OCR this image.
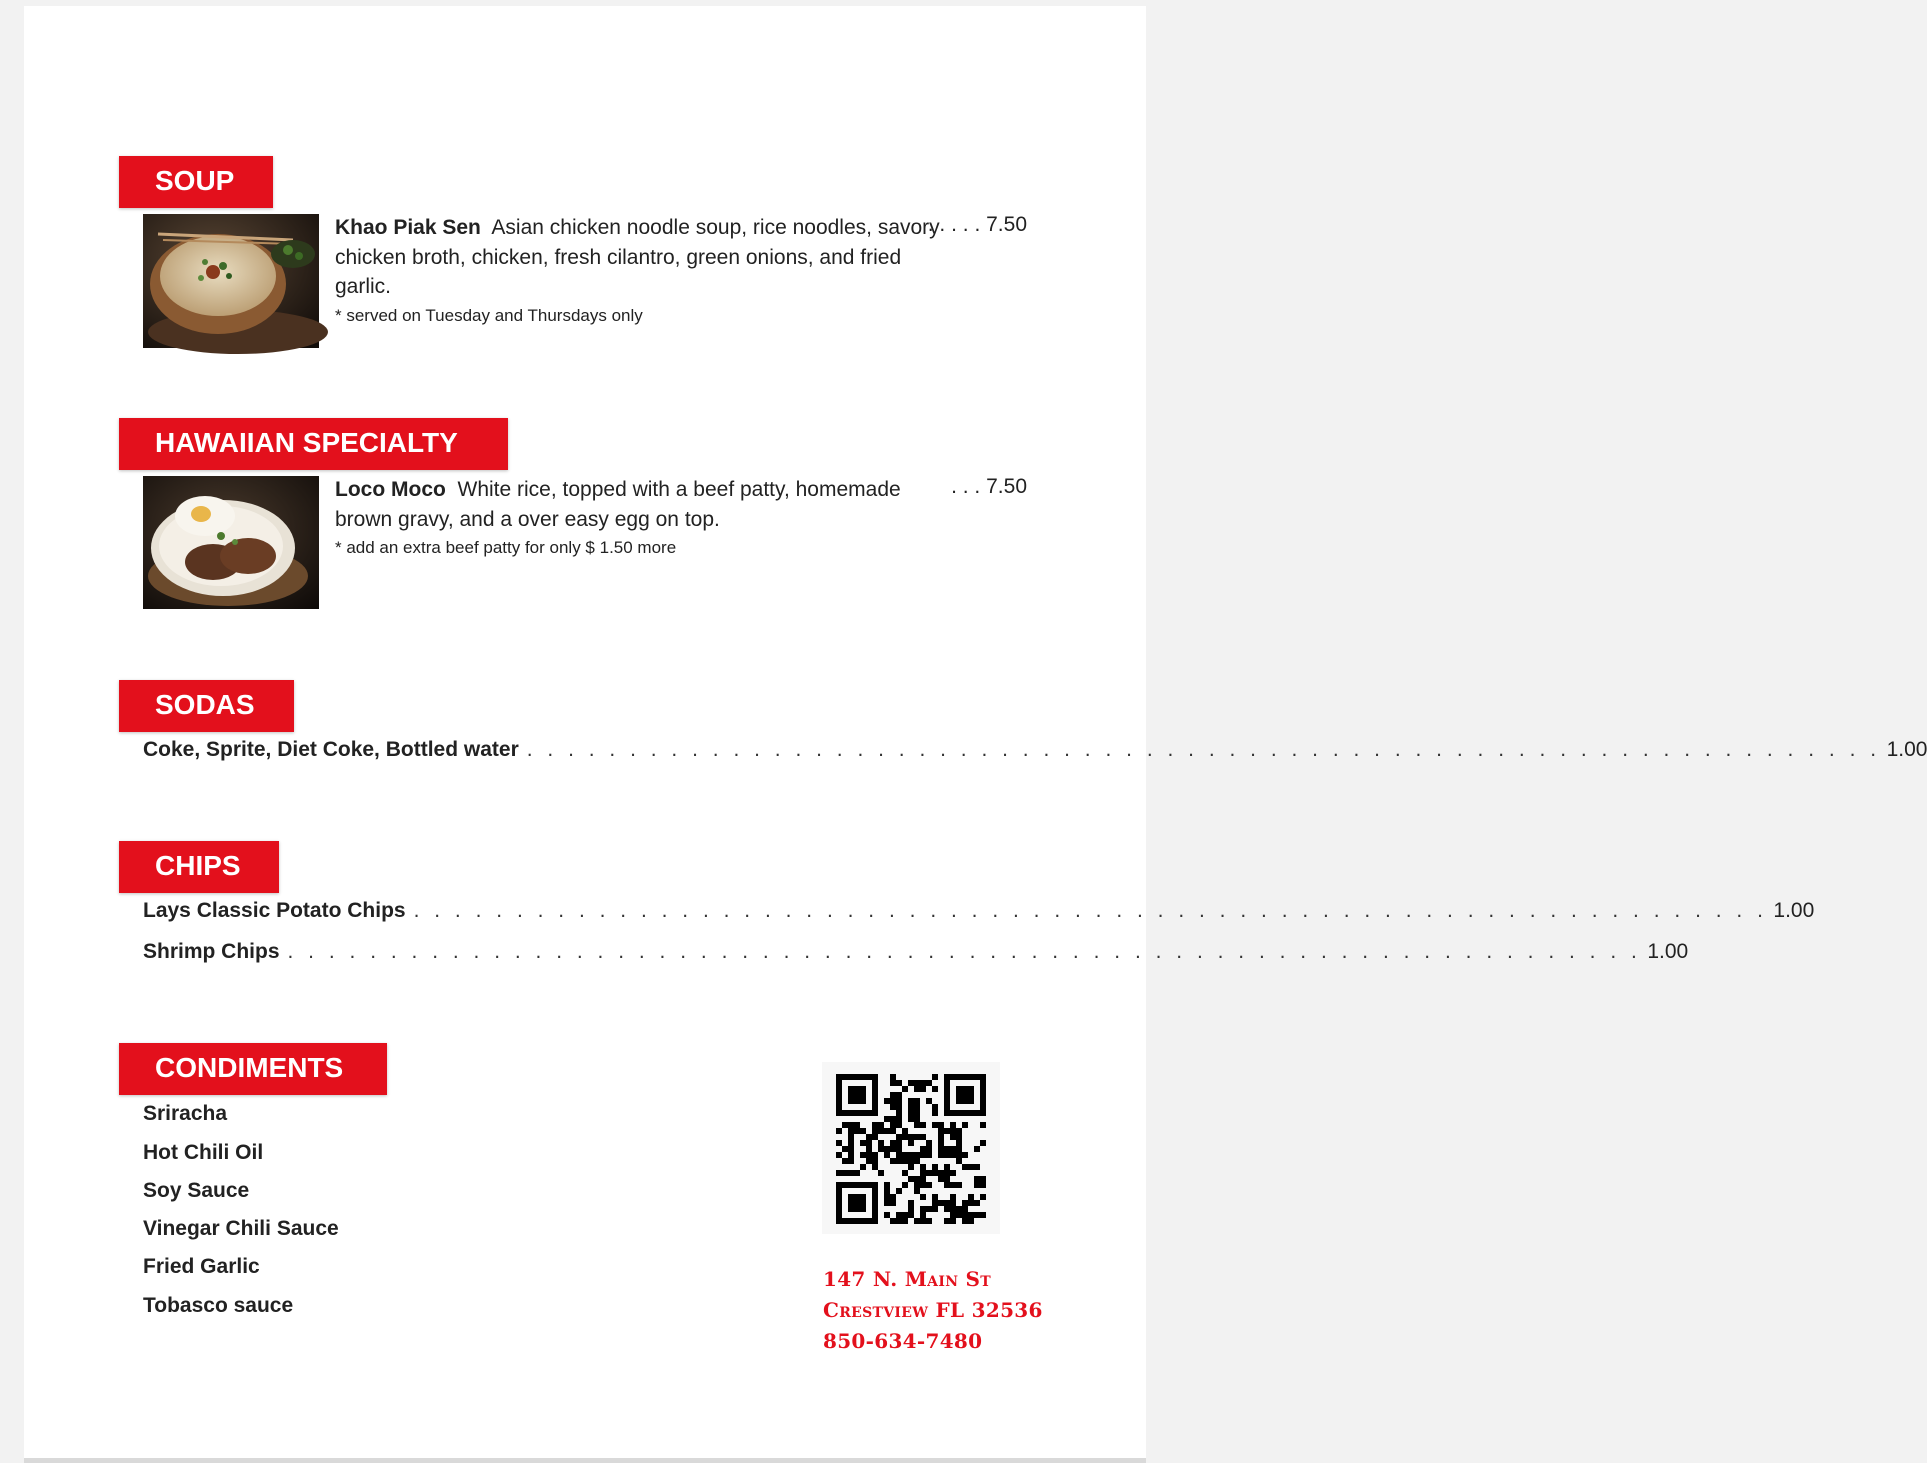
SOUP
Khao Piak Sen Asian chicken noodle soup, rice noodles, savory chicken broth, chicken, fresh cilantro, green onions, and fried garlic.
* served on Tuesday and Thursdays only
. . . . . 7.50
HAWAIIAN SPECIALTY
Loco Moco White rice, topped with a beef patty, homemade brown gravy, and a over easy egg on top.
* add an extra beef patty for only $ 1.50 more
. . . 7.50
SODAS
Coke, Sprite, Diet Coke, Bottled water . . . . . . . . . . . . . . . . . . . . . . . . . . . . . . . . . . . . . . . . . . . . . . . . . . . . . . . . . . . . . . . . . . 1.00
CHIPS
Lays Classic Potato Chips . . . . . . . . . . . . . . . . . . . . . . . . . . . . . . . . . . . . . . . . . . . . . . . . . . . . . . . . . . . . . . . . . . 1.00
Shrimp Chips . . . . . . . . . . . . . . . . . . . . . . . . . . . . . . . . . . . . . . . . . . . . . . . . . . . . . . . . . . . . . . . . . . 1.00
CONDIMENTS
Sriracha
Hot Chili Oil
Soy Sauce
Vinegar Chili Sauce
Fried Garlic
Tobasco sauce
147 N. Main St
Crestview FL 32536
850-634-7480
